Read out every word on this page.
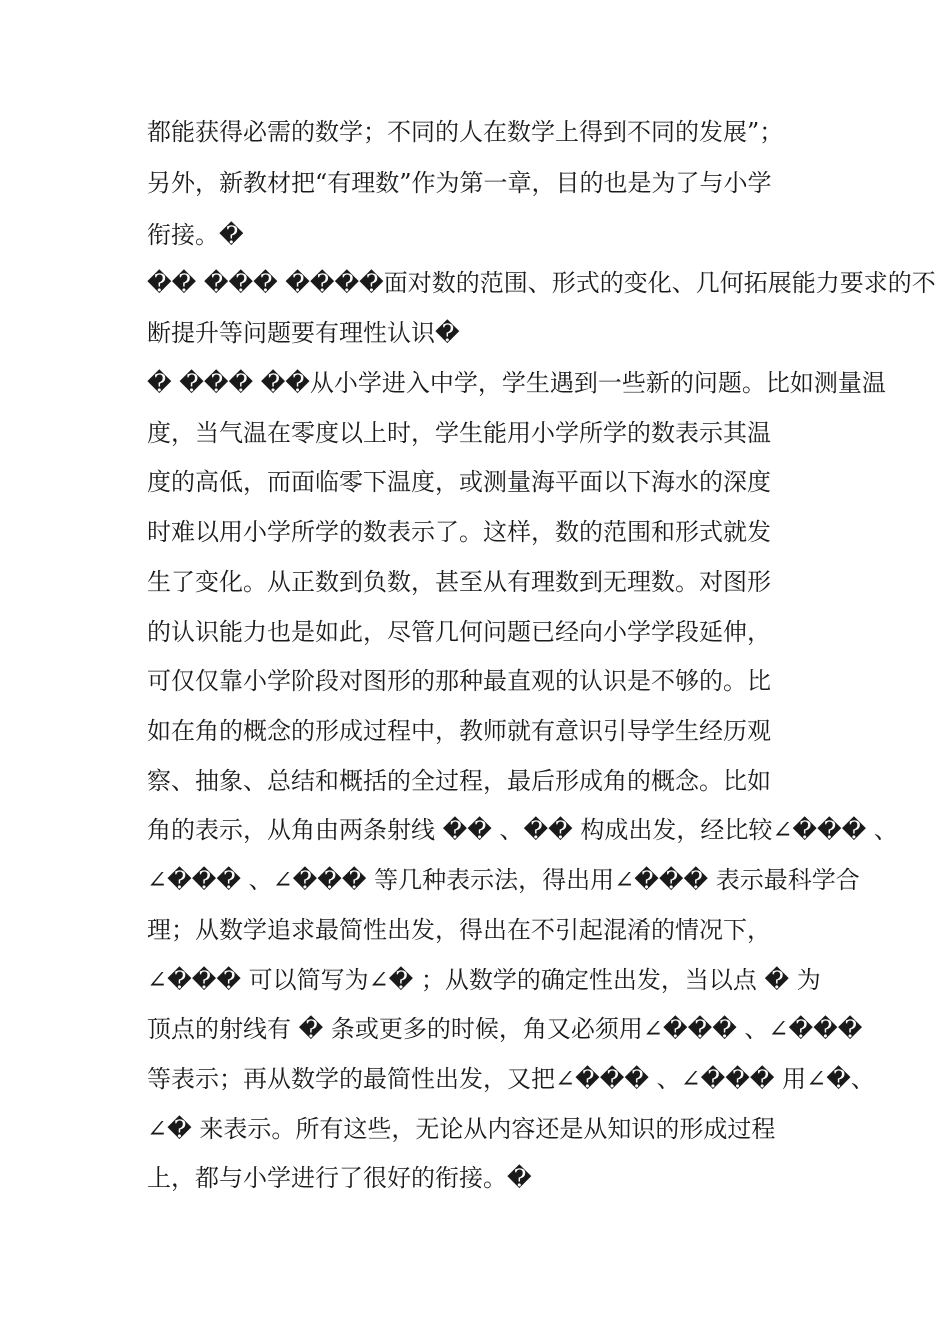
都能获得必需的数学；不同的人在数学上得到不同的发展”；
另外，新教材把“有理数”作为第一章，目的也是为了与小学
衔接。�
�� ��� ����面对数的范围、形式的变化、几何拓展能力要求的不
断提升等问题要有理性认识�
� ��� ��从小学进入中学，学生遇到一些新的问题。比如测量温
度，当气温在零度以上时，学生能用小学所学的数表示其温
度的高低，而面临零下温度，或测量海平面以下海水的深度
时难以用小学所学的数表示了。这样，数的范围和形式就发
生了变化。从正数到负数，甚至从有理数到无理数。对图形
的认识能力也是如此，尽管几何问题已经向小学学段延伸，
可仅仅靠小学阶段对图形的那种最直观的认识是不够的。比
如在角的概念的形成过程中，教师就有意识引导学生经历观
察、抽象、总结和概括的全过程，最后形成角的概念。比如
角的表示，从角由两条射线 �� 、�� 构成出发，经比较∠��� 、
∠��� 、∠��� 等几种表示法，得出用∠��� 表示最科学合
理；从数学追求最简性出发，得出在不引起混淆的情况下，
∠��� 可以简写为∠� ；从数学的确定性出发，当以点 � 为
顶点的射线有 � 条或更多的时候，角又必须用∠��� 、∠���
等表示；再从数学的最简性出发，又把∠��� 、∠��� 用∠�、
∠� 来表示。所有这些，无论从内容还是从知识的形成过程
上，都与小学进行了很好的衔接。�
